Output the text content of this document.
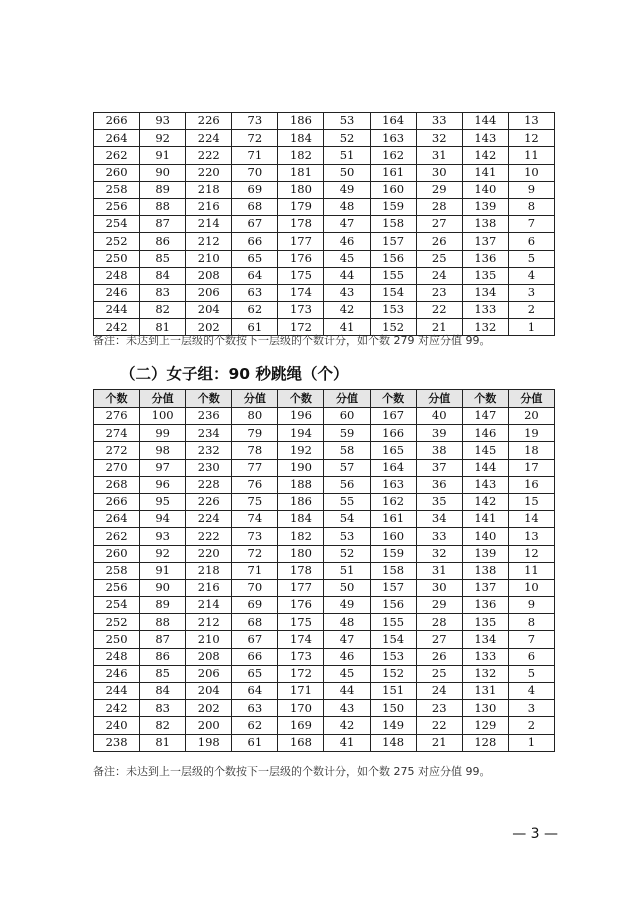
266	93	226	73	186	53	164	33	144	13
264	92	224	72	184	52	163	32	143	12
262	91	222	71	182	51	162	31	142	11
260	90	220	70	181	50	161	30	141	10
258	89	218	69	180	49	160	29	140	9
256	88	216	68	179	48	159	28	139	8
254	87	214	67	178	47	158	27	138	7
252	86	212	66	177	46	157	26	137	6
250	85	210	65	176	45	156	25	136	5
248	84	208	64	175	44	155	24	135	4
246	83	206	63	174	43	154	23	134	3
244	82	204	62	173	42	153	22	133	2
242	81	202	61	172	41	152	21	132	1
备注：未达到上一层级的个数按下一层级的个数计分，如个数 279 对应分值 99。
（二）女子组：90 秒跳绳（个）
个数	分值	个数	分值	个数	分值	个数	分值	个数	分值
276	100	236	80	196	60	167	40	147	20
274	99	234	79	194	59	166	39	146	19
272	98	232	78	192	58	165	38	145	18
270	97	230	77	190	57	164	37	144	17
268	96	228	76	188	56	163	36	143	16
266	95	226	75	186	55	162	35	142	15
264	94	224	74	184	54	161	34	141	14
262	93	222	73	182	53	160	33	140	13
260	92	220	72	180	52	159	32	139	12
258	91	218	71	178	51	158	31	138	11
256	90	216	70	177	50	157	30	137	10
254	89	214	69	176	49	156	29	136	9
252	88	212	68	175	48	155	28	135	8
250	87	210	67	174	47	154	27	134	7
248	86	208	66	173	46	153	26	133	6
246	85	206	65	172	45	152	25	132	5
244	84	204	64	171	44	151	24	131	4
242	83	202	63	170	43	150	23	130	3
240	82	200	62	169	42	149	22	129	2
238	81	198	61	168	41	148	21	128	1
备注：未达到上一层级的个数按下一层级的个数计分，如个数 275 对应分值 99。
— 3 —
